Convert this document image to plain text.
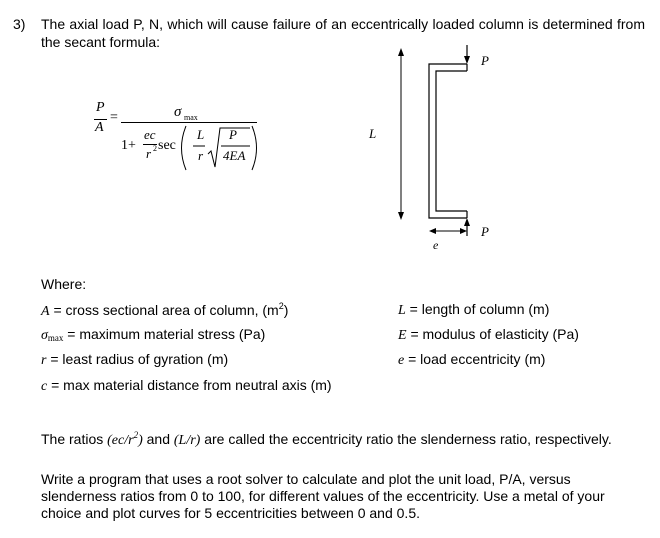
3) The axial load P, N, which will cause failure of an eccentrically loaded column is determined from the secant formula:
P
A
=	σ max
1+
ec
r 2 sec
L
r
P
4EA
P
L
P
e
Where:
A = cross sectional area of column, $(m^2)$
$\sigma_{max}$ = maximum material stress (Pa)
r = least radius of gyration (m)
c = max material distance from neutral axis (m)
L = length of column (m)
E = modulus of elasticity (Pa)
e = load eccentricity (m)
The ratios $(ec/r^2)$ and (L/r) are called the eccentricity ratio the slenderness ratio, respectively.
Write a program that uses a root solver to calculate and plot the unit load, P/A, versus slenderness ratios from 0 to 100, for different values of the eccentricity. Use a metal of your choice and plot curves for 5 eccentricities between 0 and 0.5.
